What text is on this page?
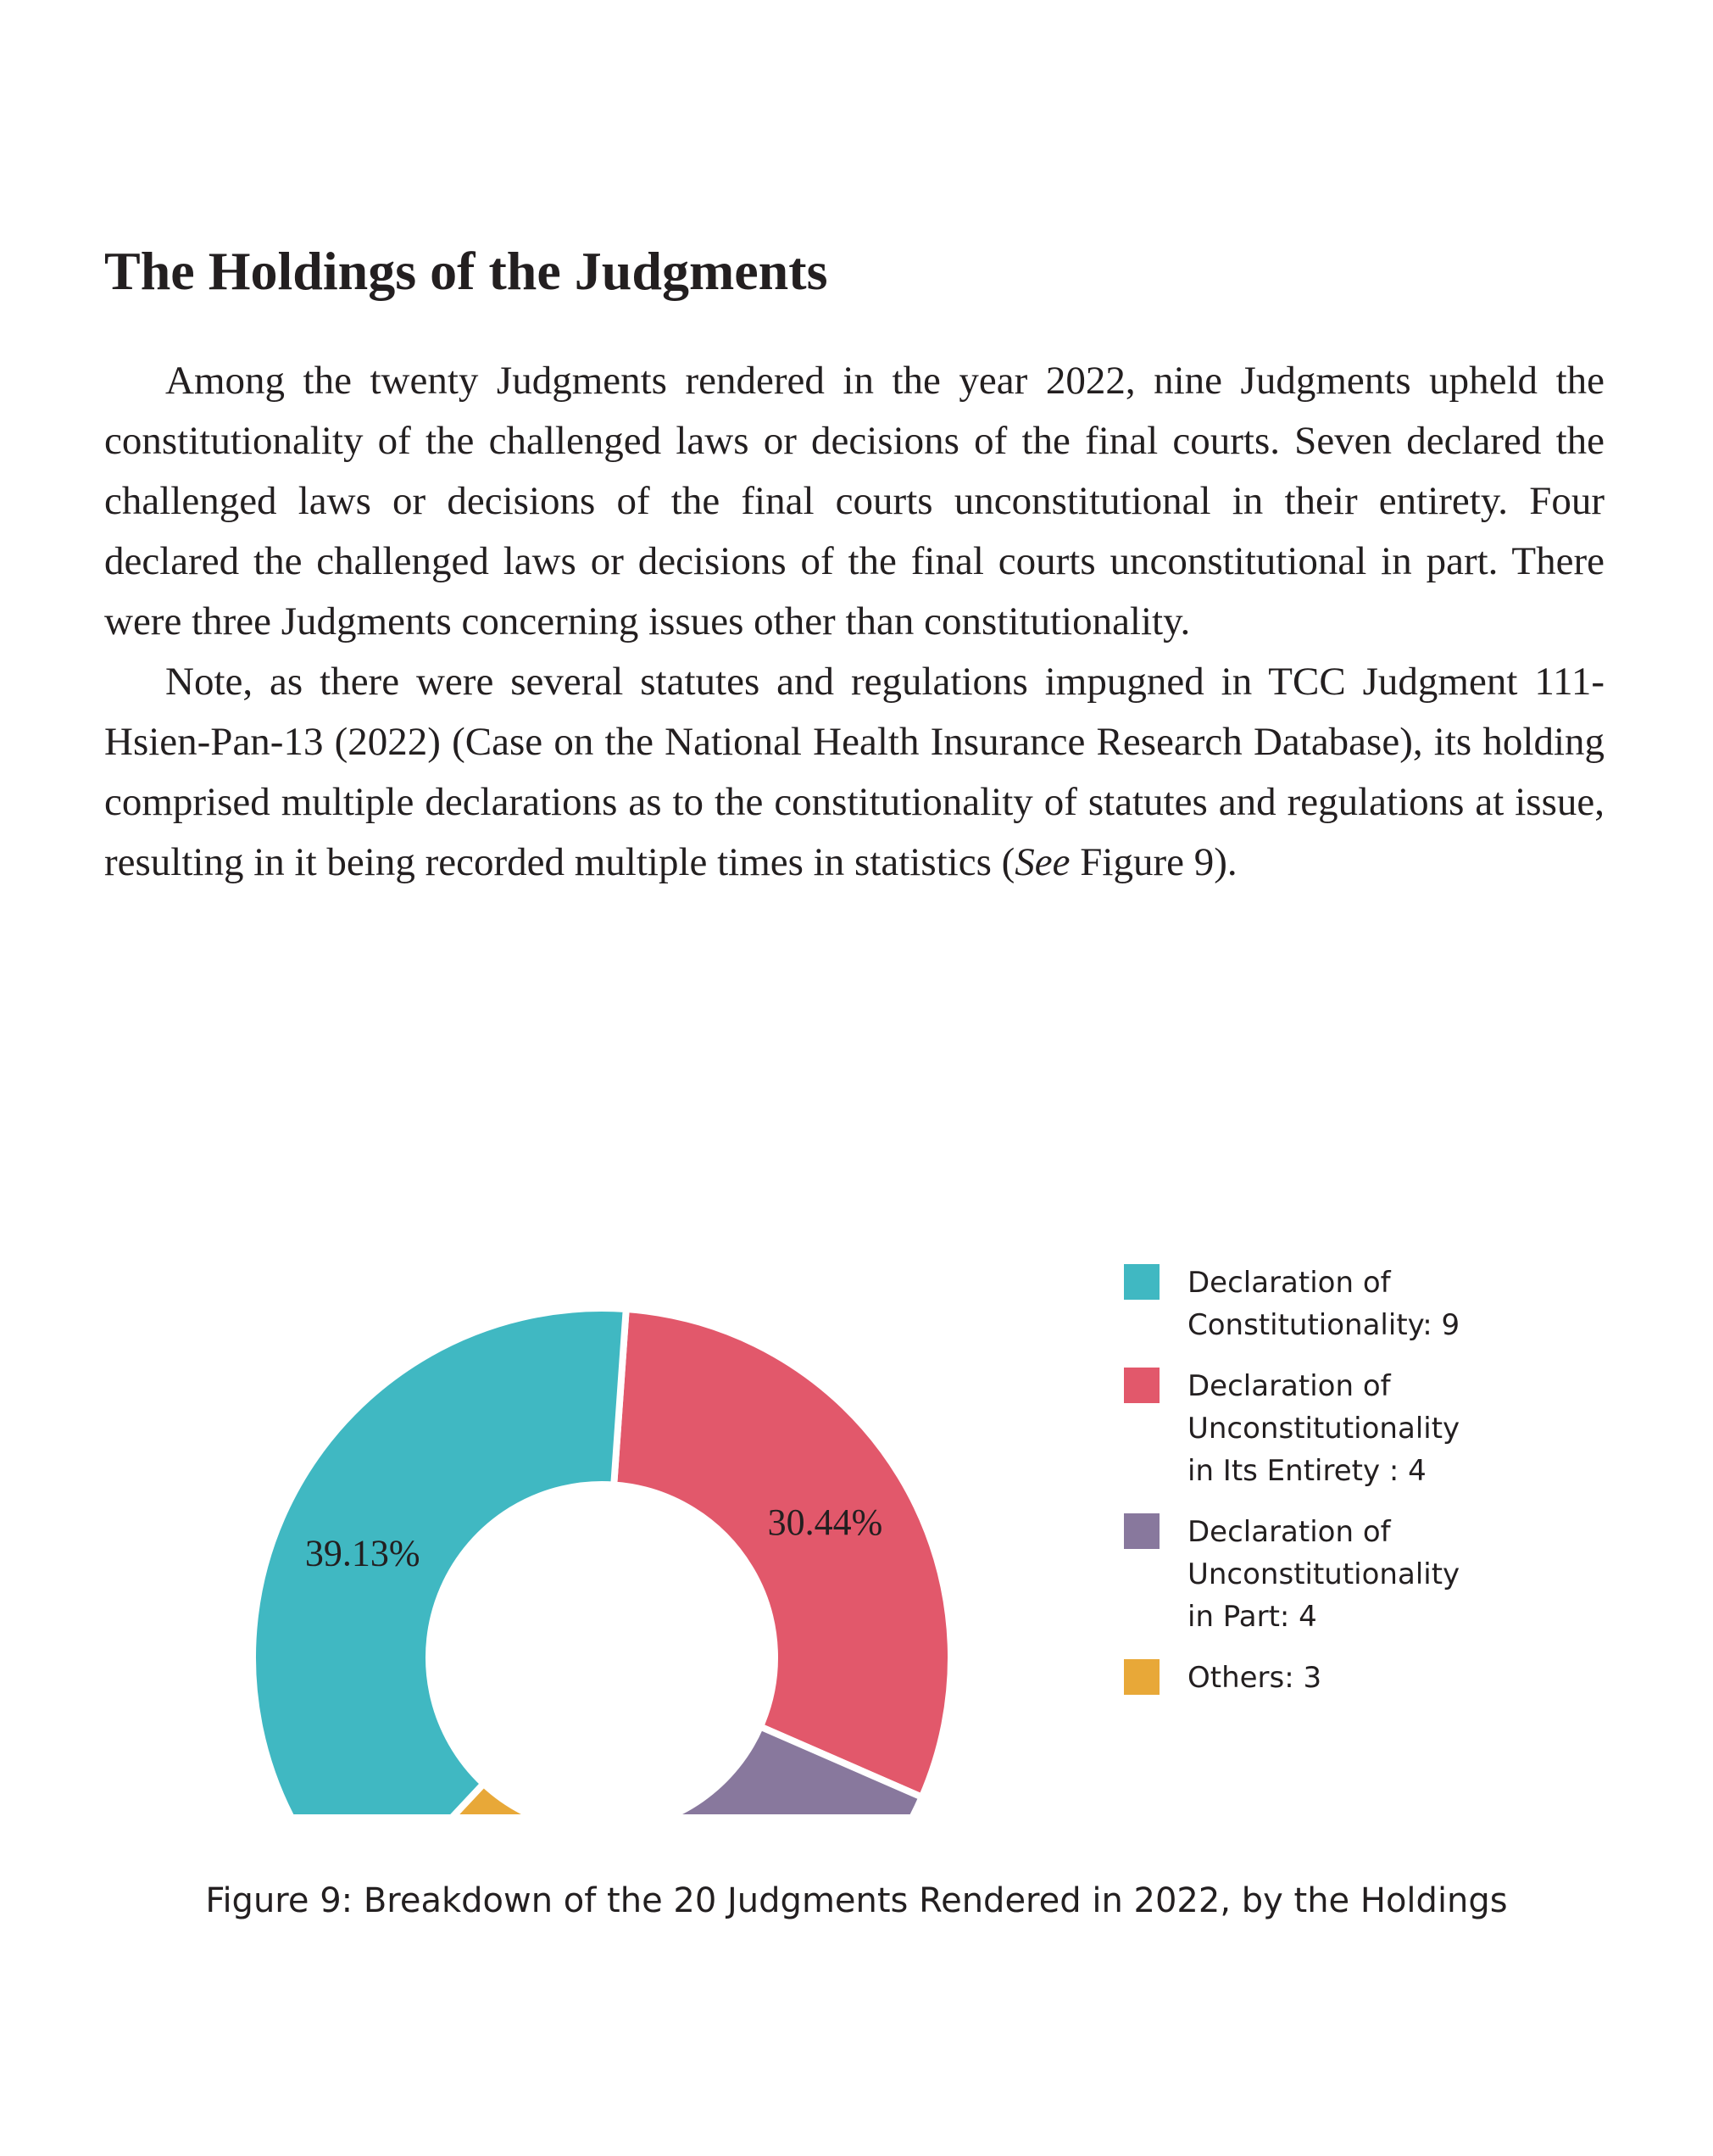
The Holdings of the Judgments

Among the twenty Judgments rendered in the year 2022, nine Judgments upheld the constitutionality of the challenged laws or decisions of the final courts. Seven declared the challenged laws or decisions of the final courts unconstitutional in their entirety. Four declared the challenged laws or decisions of the final courts unconstitutional in part. There were three Judgments concerning issues other than constitutionality.

Note, as there were several statutes and regulations impugned in TCC Judgment 111-Hsien-Pan-13 (2022) (Case on the National Health Insurance Research Database), its holding comprised multiple declarations as to the constitutionality of statutes and regulations at issue, resulting in it being recorded multiple times in statistics (See Figure 9).

30.44%
39.13%
Declaration of
Constitutionality: 9
Declaration of
Unconstitutionality
in Its Entirety : 4
Declaration of
Unconstitutionality
in Part: 4
Others: 3
Figure 9: Breakdown of the 20 Judgments Rendered in 2022, by the Holdings
